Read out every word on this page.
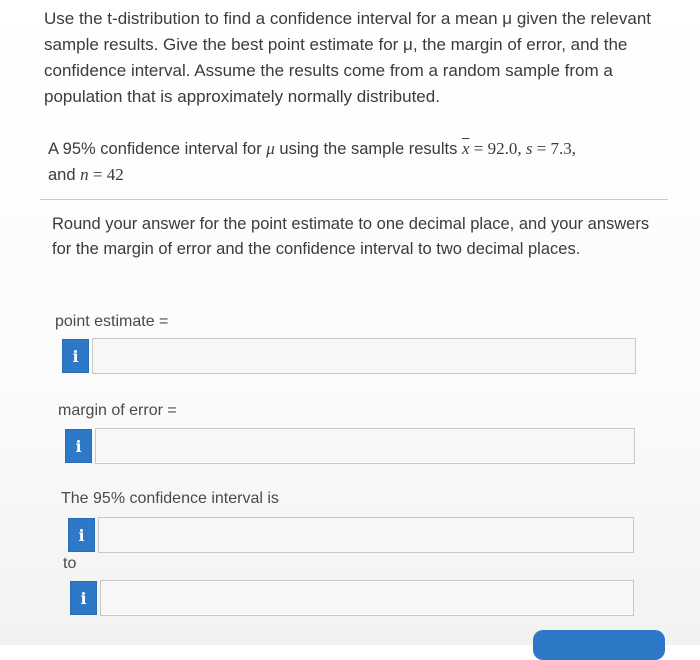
Use the t-distribution to find a confidence interval for a mean μ given the relevant sample results. Give the best point estimate for μ, the margin of error, and the confidence interval. Assume the results come from a random sample from a population that is approximately normally distributed.
A 95% confidence interval for μ using the sample results $\overline{x} = 92.0$, s = 7.3,
and n = 42
Round your answer for the point estimate to one decimal place, and your answers for the margin of error and the confidence interval to two decimal places.
point estimate =
i
margin of error =
i
The 95% confidence interval is
i
to
i
